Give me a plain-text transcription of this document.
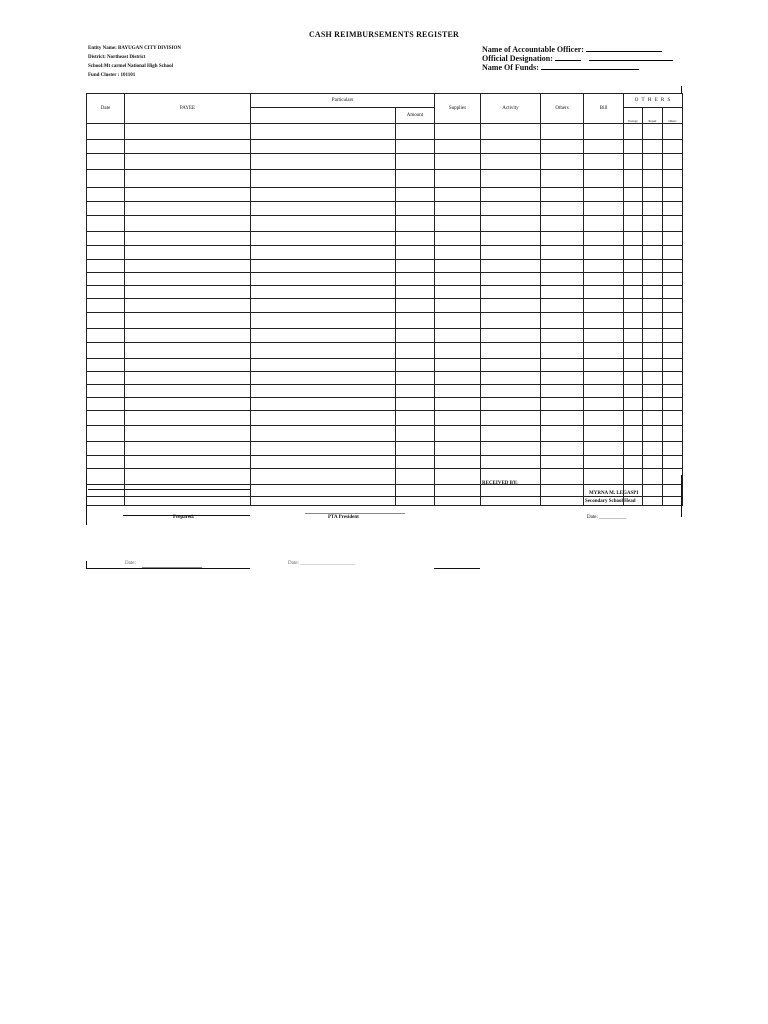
CASH REIMBURSEMENTS REGISTER
Entity Name: BAYUGAN CITY DIVISION
District: Northeast District
School:Mt carmel National High School
Fund Cluster : 101101
Name of Accountable Officer:
Official Designation:
Name Of Funds:
Date	PAYEE	Particulars		Supplies	Activity	Others	Bill	O T H E R S		
			Amount					Postage	Repair	Others

RECEIVED BY:
MYRNA M. LEGASPI
Secondary School Head
Prepared:	PTA President	Date: ___________
Date:	Date: ______________________
